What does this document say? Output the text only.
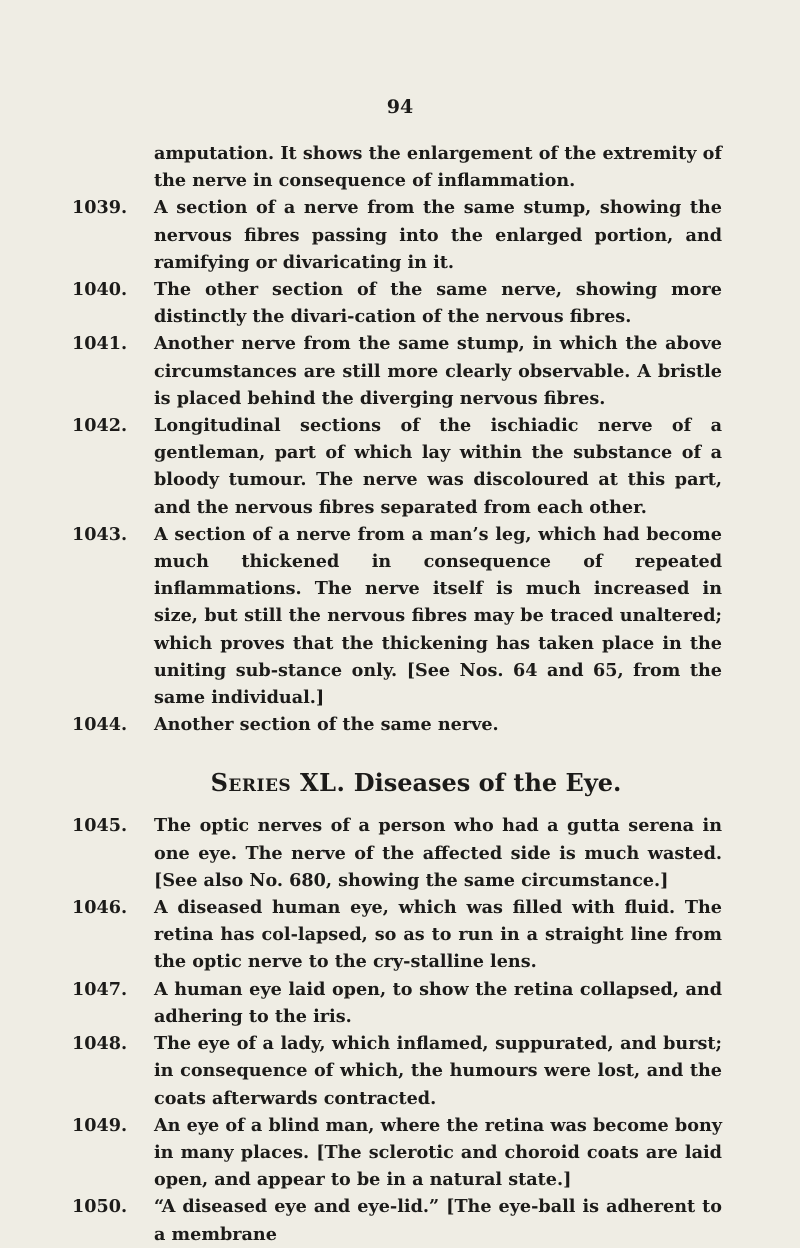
94
amputation. It shows the enlargement of the extremity of the nerve in consequence of inflammation.
1039. A section of a nerve from the same stump, showing the nervous fibres passing into the enlarged portion, and ramifying or divaricating in it.
1040. The other section of the same nerve, showing more distinctly the divari-cation of the nervous fibres.
1041. Another nerve from the same stump, in which the above circumstances are still more clearly observable. A bristle is placed behind the diverging nervous fibres.
1042. Longitudinal sections of the ischiadic nerve of a gentleman, part of which lay within the substance of a bloody tumour. The nerve was discoloured at this part, and the nervous fibres separated from each other.
1043. A section of a nerve from a man’s leg, which had become much thickened in consequence of repeated inflammations. The nerve itself is much increased in size, but still the nervous fibres may be traced unaltered; which proves that the thickening has taken place in the uniting sub-stance only. [See Nos. 64 and 65, from the same individual.]
1044. Another section of the same nerve.
Series XL. Diseases of the Eye.
1045. The optic nerves of a person who had a gutta serena in one eye. The nerve of the affected side is much wasted. [See also No. 680, showing the same circumstance.]
1046. A diseased human eye, which was filled with fluid. The retina has col-lapsed, so as to run in a straight line from the optic nerve to the cry-stalline lens.
1047. A human eye laid open, to show the retina collapsed, and adhering to the iris.
1048. The eye of a lady, which inflamed, suppurated, and burst; in consequence of which, the humours were lost, and the coats afterwards contracted.
1049. An eye of a blind man, where the retina was become bony in many places. [The sclerotic and choroid coats are laid open, and appear to be in a natural state.]
1050. “A diseased eye and eye-lid.” [The eye-ball is adherent to a membrane
